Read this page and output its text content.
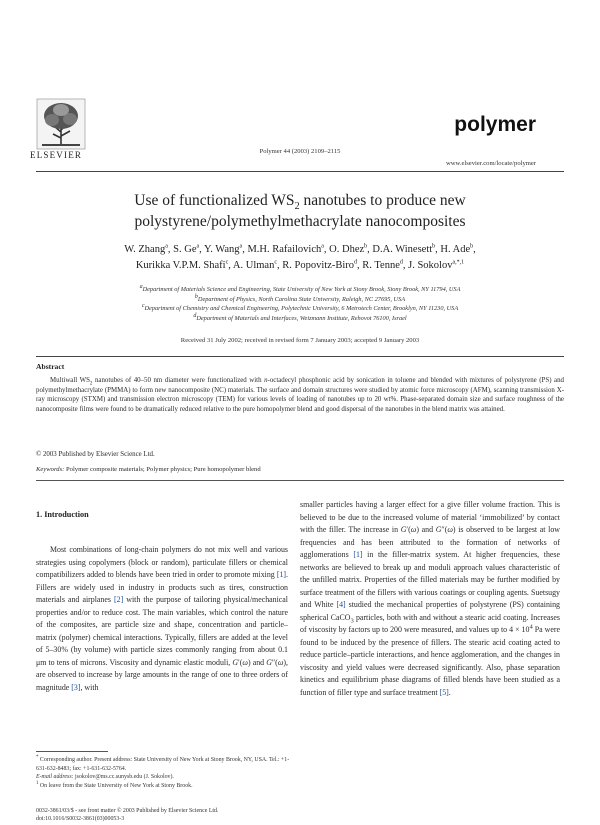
ELSEVIER
polymer
Polymer 44 (2003) 2109–2115
www.elsevier.com/locate/polymer
Use of functionalized $WS_2$ nanotubes to produce new
polystyrene/polymethylmethacrylate nanocomposites
W. Zhang$^a$, S. Ge$^a$, Y. Wang$^a$, M.H. Rafailovich$^a$, O. Dhez$^b$, D.A. Winesett$^b$, H. Ade$^b$,
Kurikka V.P.M. Shafi$^c$, A. Ulman$^c$, R. Popovitz-Biro$^d$, R. Tenne$^d$, J. Sokolov$^{a,*,1}$
$^a$Department of Materials Science and Engineering, State University of New York at Stony Brook, Stony Brook, NY 11794, USA
$^b$Department of Physics, North Carolina State University, Raleigh, NC 27695, USA
$^c$Department of Chemistry and Chemical Engineering, Polytechnic University, 6 Metrotech Center, Brooklyn, NY 11230, USA
$^d$Department of Materials and Interfaces, Weizmann Institute, Rehovot 76100, Israel
Received 31 July 2002; received in revised form 7 January 2003; accepted 9 January 2003
Abstract
Multiwall $WS_2$ nanotubes of 40–50 nm diameter were functionalized with n-octadecyl phosphonic acid by sonication in toluene and blended with mixtures of polystyrene (PS) and polymethylmethacrylate (PMMA) to form new nanocomposite (NC) materials. The surface and domain structures were studied by atomic force microscopy (AFM), scanning transmission X-ray microscopy (STXM) and transmission electron microscopy (TEM) for various levels of loading of nanotubes up to 20 wt%. Phase-separated domain size and surface roughness of the nanocomposite films were found to be dramatically reduced relative to the pure homopolymer blend and good dispersal of the nanotubes in the blend matrix was attained.
© 2003 Published by Elsevier Science Ltd.
Keywords: Polymer composite materials; Polymer physics; Pure homopolymer blend
1. Introduction
Most combinations of long-chain polymers do not mix well and various strategies using copolymers (block or random), particulate fillers or chemical compatibilizers added to blends have been tried in order to promote mixing [1]. Fillers are widely used in industry in products such as tires, construction materials and airplanes [2] with the purpose of tailoring physical/mechanical properties and/or to reduce cost. The main variables, which control the nature of the composites, are particle size and shape, concentration and particle–matrix (polymer) chemical interactions. Typically, fillers are added at the level of 5–30% (by volume) with particle sizes commonly ranging from about 0.1 μm to tens of microns. Viscosity and dynamic elastic moduli, G′(ω) and G″(ω), are observed to increase by large amounts in the range of one to three orders of magnitude [3], with
smaller particles having a larger effect for a give filler volume fraction. This is believed to be due to the increased volume of material ‘immobilized’ by contact with the filler. The increase in G′(ω) and G″(ω) is observed to be largest at low frequencies and has been attributed to the formation of networks of agglomerations [1] in the filler-matrix system. At higher frequencies, these networks are believed to break up and moduli approach values characteristic of the unfilled matrix. Properties of the filled materials may be further modified by surface treatment of the fillers with various coatings or coupling agents. Suetsugy and White [4] studied the mechanical properties of polystyrene (PS) containing spherical CaCO$_3$ particles, both with and without a stearic acid coating. Increases of viscosity by factors up to 200 were measured, and values up to $4 \times 10^4$ Pa were found to be induced by the presence of fillers. The stearic acid coating acted to reduce particle–particle interactions, and hence agglomeration, and the changes in viscosity and yield values were decreased significantly. Also, phase separation kinetics and equilibrium phase diagrams of filled blends have been studied as a function of filler type and surface treatment [5].
* Corresponding author. Present address: State University of New York at Stony Brook, NY, USA. Tel.: +1-631-632-8483; fax: +1-631-632-5764.
E-mail address: jsokolov@ms.cc.sunysb.edu (J. Sokolov).
$^1$ On leave from the State University of New York at Stony Brook.
0032-3861/03/$ - see front matter © 2003 Published by Elsevier Science Ltd.
doi:10.1016/S0032-3861(03)00053-3
